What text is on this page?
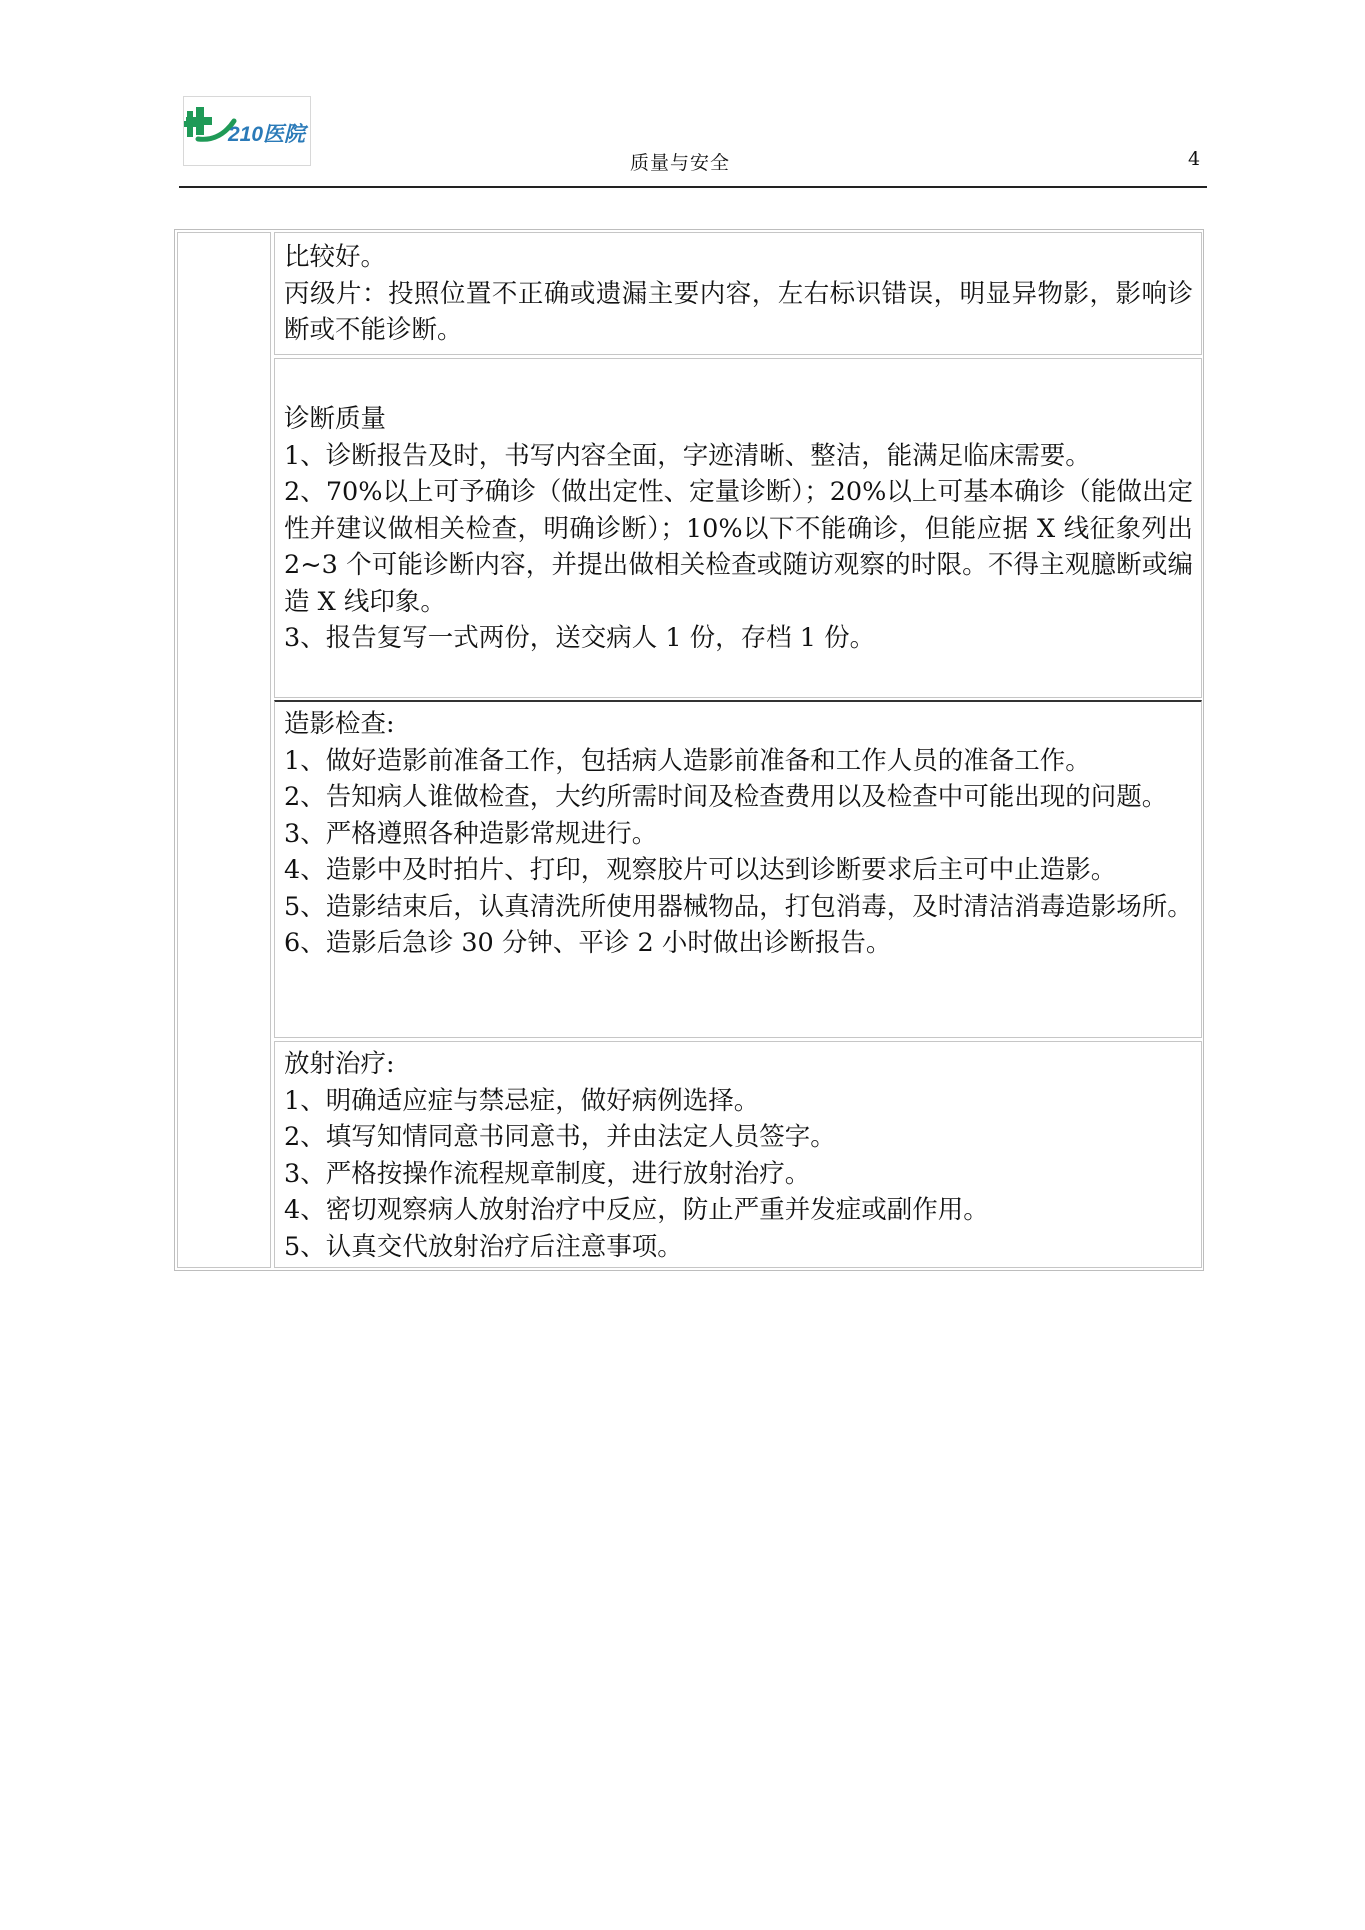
210医院
质量与安全	4

比较好。

丙级片：投照位置不正确或遗漏主要内容，左右标识错误，明显异物影，影响诊断或不能诊断。

诊断质量

1、诊断报告及时，书写内容全面，字迹清晰、整洁，能满足临床需要。

2、70%以上可予确诊（做出定性、定量诊断）；20%以上可基本确诊（能做出定性并建议做相关检查，明确诊断）；10%以下不能确诊，但能应据 X 线征象列出 2~3 个可能诊断内容，并提出做相关检查或随访观察的时限。不得主观臆断或编造 X 线印象。

3、报告复写一式两份，送交病人 1 份，存档 1 份。

造影检查:

1、做好造影前准备工作，包括病人造影前准备和工作人员的准备工作。

2、告知病人谁做检查，大约所需时间及检查费用以及检查中可能出现的问题。

3、严格遵照各种造影常规进行。

4、造影中及时拍片、打印，观察胶片可以达到诊断要求后主可中止造影。

5、造影结束后，认真清洗所使用器械物品，打包消毒，及时清洁消毒造影场所。

6、造影后急诊 30 分钟、平诊 2 小时做出诊断报告。

放射治疗:

1、明确适应症与禁忌症，做好病例选择。

2、填写知情同意书同意书，并由法定人员签字。

3、严格按操作流程规章制度，进行放射治疗。

4、密切观察病人放射治疗中反应，防止严重并发症或副作用。

5、认真交代放射治疗后注意事项。
